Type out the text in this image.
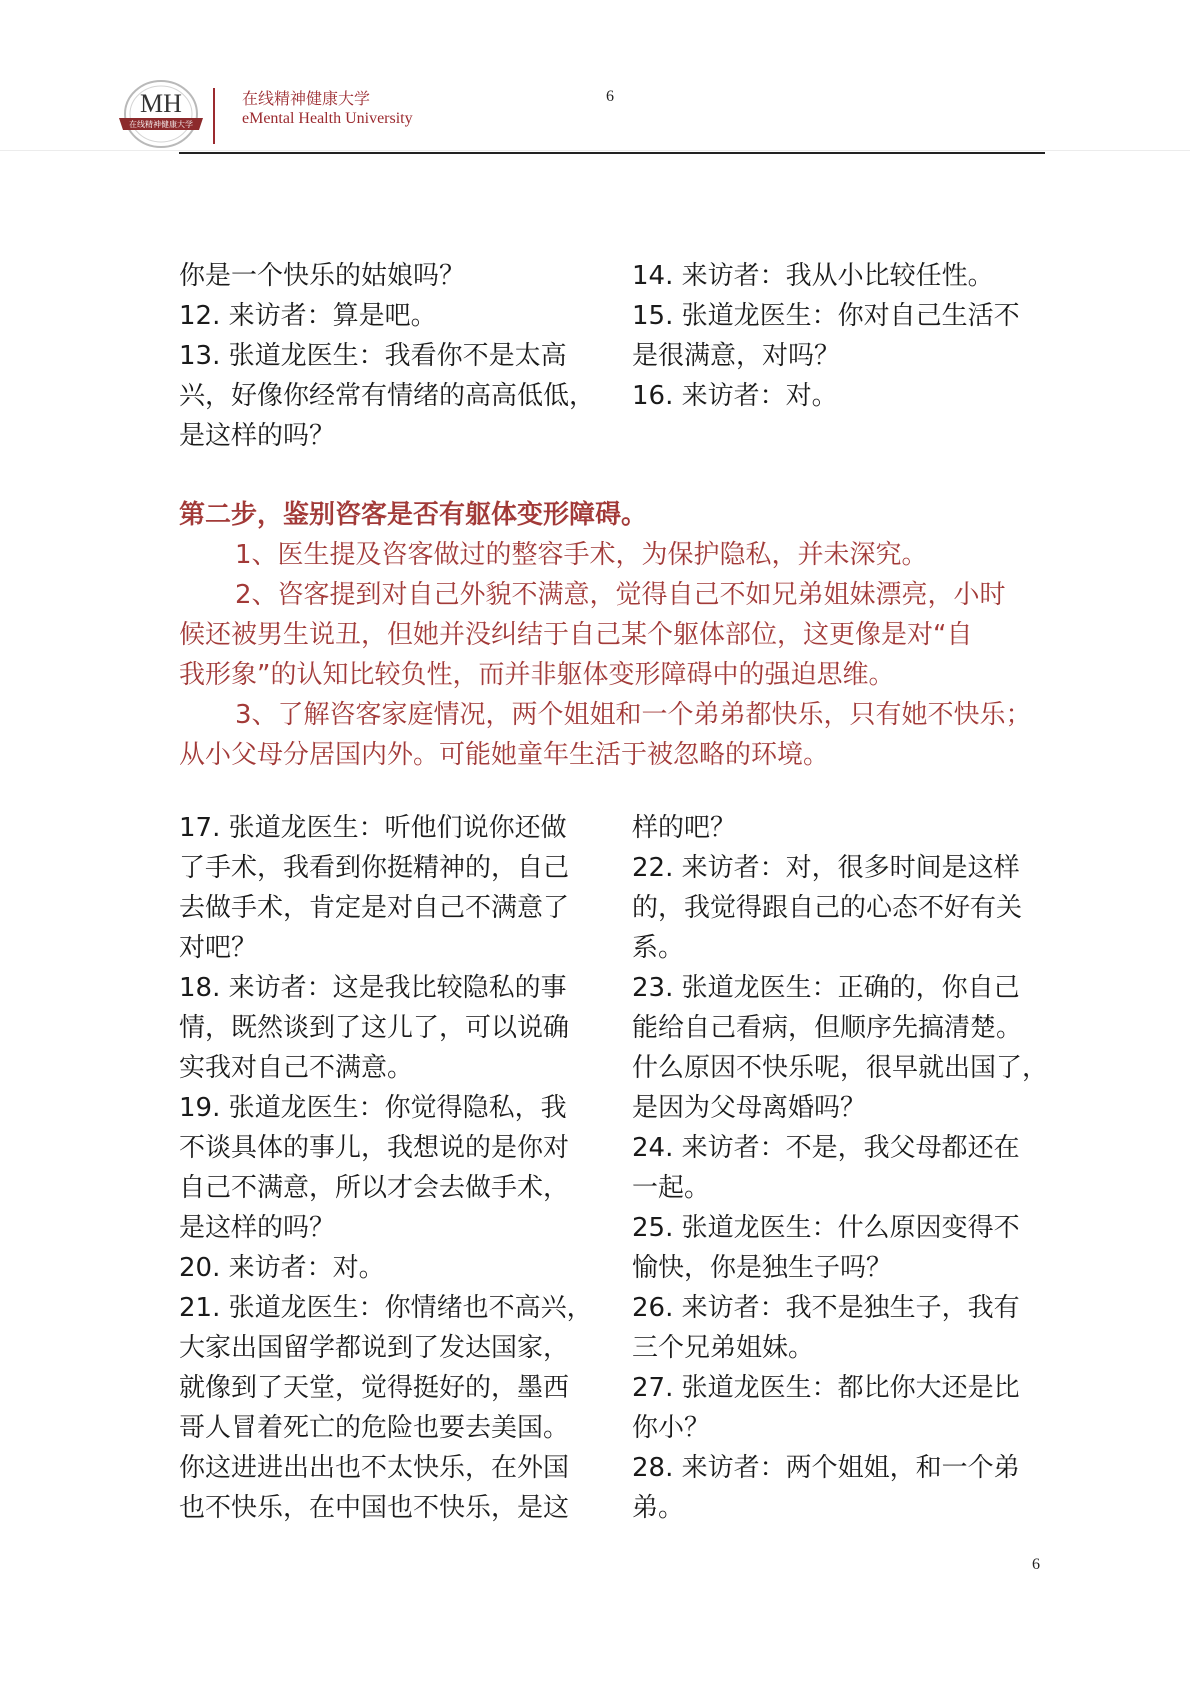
MH
在线精神健康大学
在线精神健康大学
eMental Health University
6
你是一个快乐的姑娘吗？
12. 来访者：算是吧。
13. 张道龙医生：我看你不是太高
兴，好像你经常有情绪的高高低低，
是这样的吗？
14. 来访者：我从小比较任性。
15. 张道龙医生：你对自己生活不
是很满意，对吗？
16. 来访者：对。
第二步，鉴别咨客是否有躯体变形障碍。
1、医生提及咨客做过的整容手术，为保护隐私，并未深究。
2、咨客提到对自己外貌不满意，觉得自己不如兄弟姐妹漂亮，小时
候还被男生说丑，但她并没纠结于自己某个躯体部位，这更像是对“自
我形象”的认知比较负性，而并非躯体变形障碍中的强迫思维。
3、了解咨客家庭情况，两个姐姐和一个弟弟都快乐，只有她不快乐；
从小父母分居国内外。可能她童年生活于被忽略的环境。
17. 张道龙医生：听他们说你还做
了手术，我看到你挺精神的，自己
去做手术，肯定是对自己不满意了
对吧？
18. 来访者：这是我比较隐私的事
情，既然谈到了这儿了，可以说确
实我对自己不满意。
19. 张道龙医生：你觉得隐私，我
不谈具体的事儿，我想说的是你对
自己不满意，所以才会去做手术，
是这样的吗？
20. 来访者：对。
21. 张道龙医生：你情绪也不高兴，
大家出国留学都说到了发达国家，
就像到了天堂，觉得挺好的，墨西
哥人冒着死亡的危险也要去美国。
你这进进出出也不太快乐，在外国
也不快乐，在中国也不快乐，是这
样的吧？
22. 来访者：对，很多时间是这样
的，我觉得跟自己的心态不好有关
系。
23. 张道龙医生：正确的，你自己
能给自己看病，但顺序先搞清楚。
什么原因不快乐呢，很早就出国了，
是因为父母离婚吗？
24. 来访者：不是，我父母都还在
一起。
25. 张道龙医生：什么原因变得不
愉快，你是独生子吗？
26. 来访者：我不是独生子，我有
三个兄弟姐妹。
27. 张道龙医生：都比你大还是比
你小？
28. 来访者：两个姐姐，和一个弟
弟。
6
